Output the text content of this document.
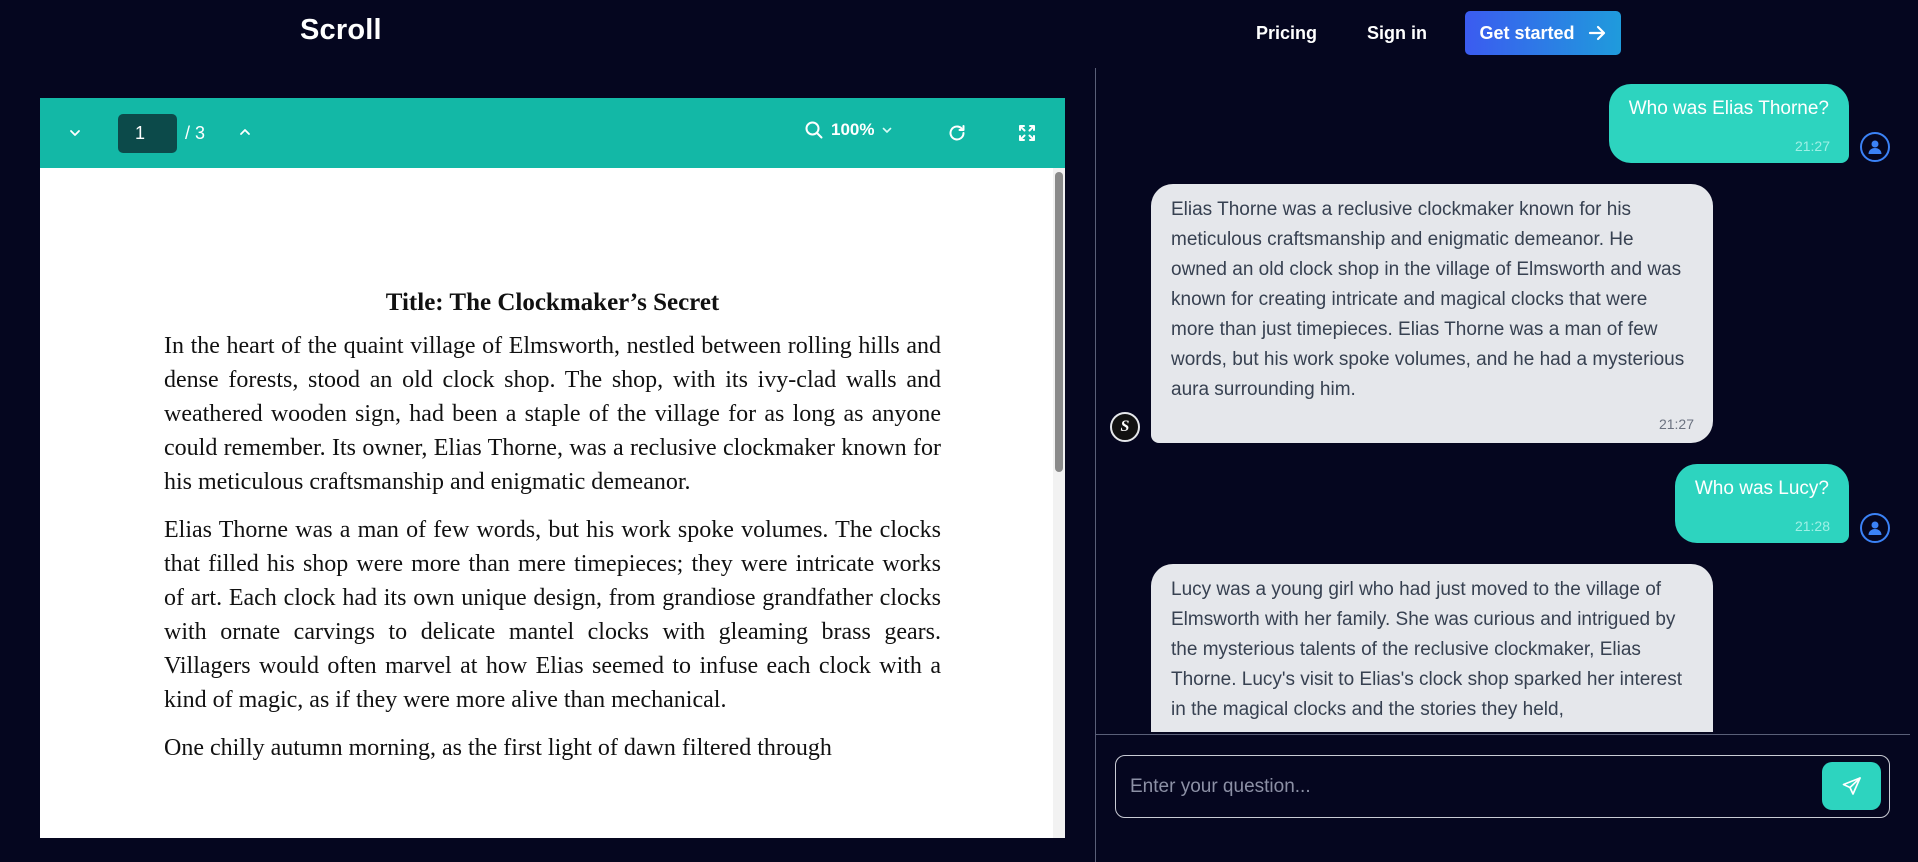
Scroll	Pricing	Sign in	Get started
1
/ 3	100%
Title: The Clockmaker’s Secret

In the heart of the quaint village of Elmsworth, nestled between rolling hills and dense forests, stood an old clock shop. The shop, with its ivy-clad walls and weathered wooden sign, had been a staple of the village for as long as anyone could remember. Its owner, Elias Thorne, was a reclusive clockmaker known for his meticulous craftsmanship and enigmatic demeanor.

Elias Thorne was a man of few words, but his work spoke volumes. The clocks that filled his shop were more than mere timepieces; they were intricate works of art. Each clock had its own unique design, from grandiose grandfather clocks with ornate carvings to delicate mantel clocks with gleaming brass gears. Villagers would often marvel at how Elias seemed to infuse each clock with a kind of magic, as if they were more alive than mechanical.

One chilly autumn morning, as the first light of dawn filtered through

Who was Elias Thorne?
21:27
Elias Thorne was a reclusive clockmaker known for his meticulous craftsmanship and enigmatic demeanor. He owned an old clock shop in the village of Elmsworth and was known for creating intricate and magical clocks that were more than just timepieces. Elias Thorne was a man of few words, but his work spoke volumes, and he had a mysterious aura surrounding him.
21:27
S
Who was Lucy?
21:28
Lucy was a young girl who had just moved to the village of Elmsworth with her family. She was curious and intrigued by the mysterious talents of the reclusive clockmaker, Elias Thorne. Lucy's visit to Elias's clock shop sparked her interest in the magical clocks and the stories they held,
Enter your question...
